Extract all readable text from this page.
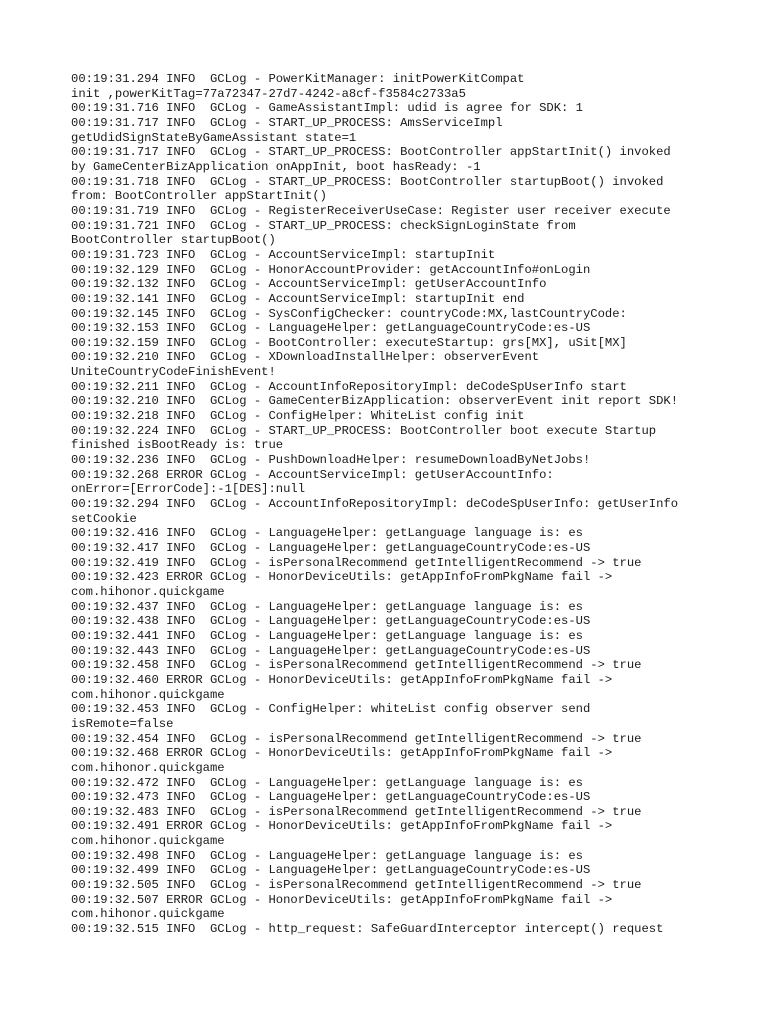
00:19:31.294 INFO  GCLog - PowerKitManager: initPowerKitCompat
init ,powerKitTag=77a72347-27d7-4242-a8cf-f3584c2733a5
00:19:31.716 INFO  GCLog - GameAssistantImpl: udid is agree for SDK: 1
00:19:31.717 INFO  GCLog - START_UP_PROCESS: AmsServiceImpl
getUdidSignStateByGameAssistant state=1
00:19:31.717 INFO  GCLog - START_UP_PROCESS: BootController appStartInit() invoked
by GameCenterBizApplication onAppInit, boot hasReady: -1
00:19:31.718 INFO  GCLog - START_UP_PROCESS: BootController startupBoot() invoked
from: BootController appStartInit()
00:19:31.719 INFO  GCLog - RegisterReceiverUseCase: Register user receiver execute
00:19:31.721 INFO  GCLog - START_UP_PROCESS: checkSignLoginState from
BootController startupBoot()
00:19:31.723 INFO  GCLog - AccountServiceImpl: startupInit
00:19:32.129 INFO  GCLog - HonorAccountProvider: getAccountInfo#onLogin
00:19:32.132 INFO  GCLog - AccountServiceImpl: getUserAccountInfo
00:19:32.141 INFO  GCLog - AccountServiceImpl: startupInit end
00:19:32.145 INFO  GCLog - SysConfigChecker: countryCode:MX,lastCountryCode:
00:19:32.153 INFO  GCLog - LanguageHelper: getLanguageCountryCode:es-US
00:19:32.159 INFO  GCLog - BootController: executeStartup: grs[MX], uSit[MX]
00:19:32.210 INFO  GCLog - XDownloadInstallHelper: observerEvent
UniteCountryCodeFinishEvent!
00:19:32.211 INFO  GCLog - AccountInfoRepositoryImpl: deCodeSpUserInfo start
00:19:32.210 INFO  GCLog - GameCenterBizApplication: observerEvent init report SDK!
00:19:32.218 INFO  GCLog - ConfigHelper: WhiteList config init
00:19:32.224 INFO  GCLog - START_UP_PROCESS: BootController boot execute Startup
finished isBootReady is: true
00:19:32.236 INFO  GCLog - PushDownloadHelper: resumeDownloadByNetJobs!
00:19:32.268 ERROR GCLog - AccountServiceImpl: getUserAccountInfo:
onError=[ErrorCode]:-1[DES]:null
00:19:32.294 INFO  GCLog - AccountInfoRepositoryImpl: deCodeSpUserInfo: getUserInfo
setCookie
00:19:32.416 INFO  GCLog - LanguageHelper: getLanguage language is: es
00:19:32.417 INFO  GCLog - LanguageHelper: getLanguageCountryCode:es-US
00:19:32.419 INFO  GCLog - isPersonalRecommend getIntelligentRecommend -> true
00:19:32.423 ERROR GCLog - HonorDeviceUtils: getAppInfoFromPkgName fail ->
com.hihonor.quickgame
00:19:32.437 INFO  GCLog - LanguageHelper: getLanguage language is: es
00:19:32.438 INFO  GCLog - LanguageHelper: getLanguageCountryCode:es-US
00:19:32.441 INFO  GCLog - LanguageHelper: getLanguage language is: es
00:19:32.443 INFO  GCLog - LanguageHelper: getLanguageCountryCode:es-US
00:19:32.458 INFO  GCLog - isPersonalRecommend getIntelligentRecommend -> true
00:19:32.460 ERROR GCLog - HonorDeviceUtils: getAppInfoFromPkgName fail ->
com.hihonor.quickgame
00:19:32.453 INFO  GCLog - ConfigHelper: whiteList config observer send
isRemote=false
00:19:32.454 INFO  GCLog - isPersonalRecommend getIntelligentRecommend -> true
00:19:32.468 ERROR GCLog - HonorDeviceUtils: getAppInfoFromPkgName fail ->
com.hihonor.quickgame
00:19:32.472 INFO  GCLog - LanguageHelper: getLanguage language is: es
00:19:32.473 INFO  GCLog - LanguageHelper: getLanguageCountryCode:es-US
00:19:32.483 INFO  GCLog - isPersonalRecommend getIntelligentRecommend -> true
00:19:32.491 ERROR GCLog - HonorDeviceUtils: getAppInfoFromPkgName fail ->
com.hihonor.quickgame
00:19:32.498 INFO  GCLog - LanguageHelper: getLanguage language is: es
00:19:32.499 INFO  GCLog - LanguageHelper: getLanguageCountryCode:es-US
00:19:32.505 INFO  GCLog - isPersonalRecommend getIntelligentRecommend -> true
00:19:32.507 ERROR GCLog - HonorDeviceUtils: getAppInfoFromPkgName fail ->
com.hihonor.quickgame
00:19:32.515 INFO  GCLog - http_request: SafeGuardInterceptor intercept() request
